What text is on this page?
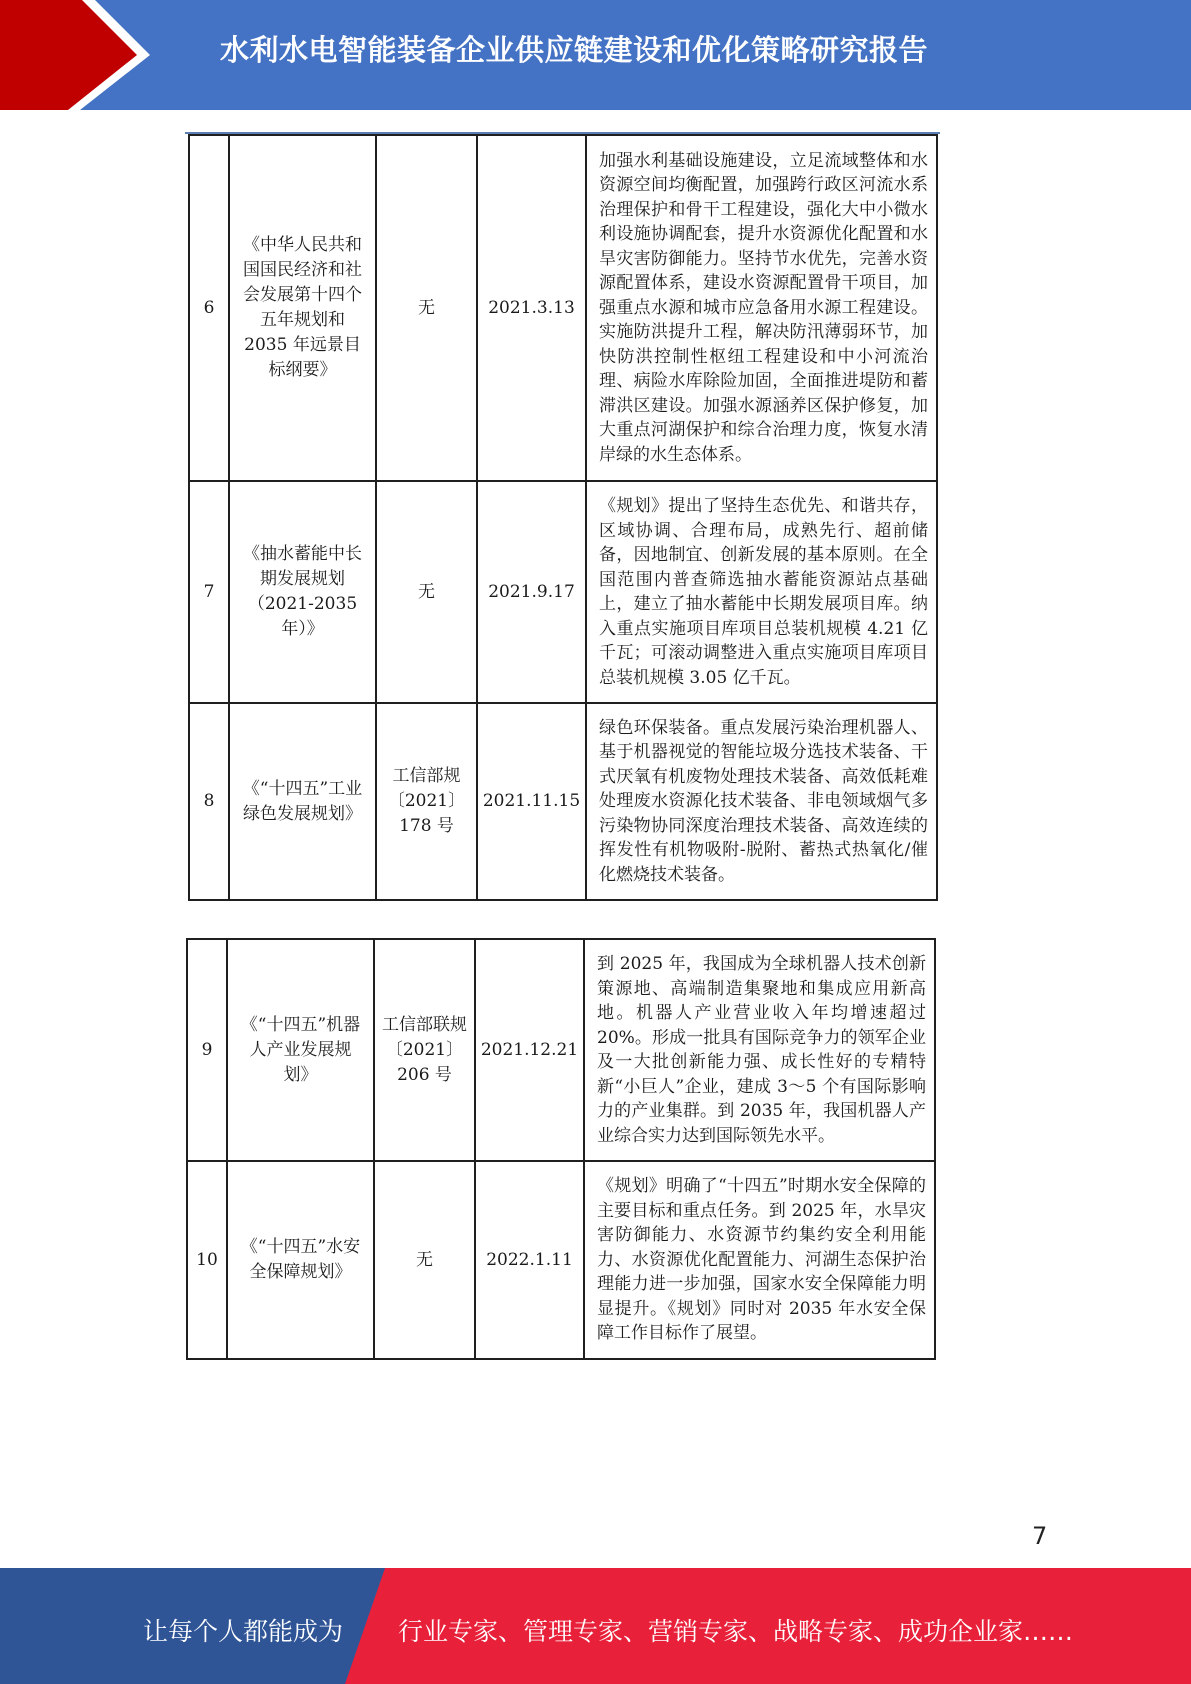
水利水电智能装备企业供应链建设和优化策略研究报告
6	《中华人民共和国国民经济和社会发展第十四个五年规划和 2035 年远景目标纲要》	无	2021.3.13	加强水利基础设施建设，立足流域整体和水资源空间均衡配置，加强跨行政区河流水系治理保护和骨干工程建设，强化大中小微水利设施协调配套，提升水资源优化配置和水旱灾害防御能力。坚持节水优先，完善水资源配置体系，建设水资源配置骨干项目，加强重点水源和城市应急备用水源工程建设。实施防洪提升工程，解决防汛薄弱环节，加快防洪控制性枢纽工程建设和中小河流治理、病险水库除险加固，全面推进堤防和蓄滞洪区建设。加强水源涵养区保护修复，加大重点河湖保护和综合治理力度，恢复水清岸绿的水生态体系。
7	《抽水蓄能中长期发展规划（2021-2035 年）》	无	2021.9.17	《规划》提出了坚持生态优先、和谐共存，区域协调、合理布局，成熟先行、超前储备，因地制宜、创新发展的基本原则。在全国范围内普查筛选抽水蓄能资源站点基础上，建立了抽水蓄能中长期发展项目库。纳入重点实施项目库项目总装机规模 4.21 亿千瓦；可滚动调整进入重点实施项目库项目总装机规模 3.05 亿千瓦。
8	《“十四五”工业绿色发展规划》	工信部规〔2021〕178 号	2021.11.15	绿色环保装备。重点发展污染治理机器人、基于机器视觉的智能垃圾分选技术装备、干式厌氧有机废物处理技术装备、高效低耗难处理废水资源化技术装备、非电领域烟气多污染物协同深度治理技术装备、高效连续的挥发性有机物吸附-脱附、蓄热式热氧化/催化燃烧技术装备。
9	《“十四五”机器人产业发展规划》	工信部联规〔2021〕206 号	2021.12.21	到 2025 年，我国成为全球机器人技术创新策源地、高端制造集聚地和集成应用新高地。机器人产业营业收入年均增速超过 20%。形成一批具有国际竞争力的领军企业及一大批创新能力强、成长性好的专精特新“小巨人”企业，建成 3～5 个有国际影响力的产业集群。到 2035 年，我国机器人产业综合实力达到国际领先水平。
10	《“十四五”水安全保障规划》	无	2022.1.11	《规划》明确了“十四五”时期水安全保障的主要目标和重点任务。到 2025 年，水旱灾害防御能力、水资源节约集约安全利用能力、水资源优化配置能力、河湖生态保护治理能力进一步加强，国家水安全保障能力明显提升。《规划》同时对 2035 年水安全保障工作目标作了展望。
7
让每个人都能成为 行业专家、管理专家、营销专家、战略专家、成功企业家……
